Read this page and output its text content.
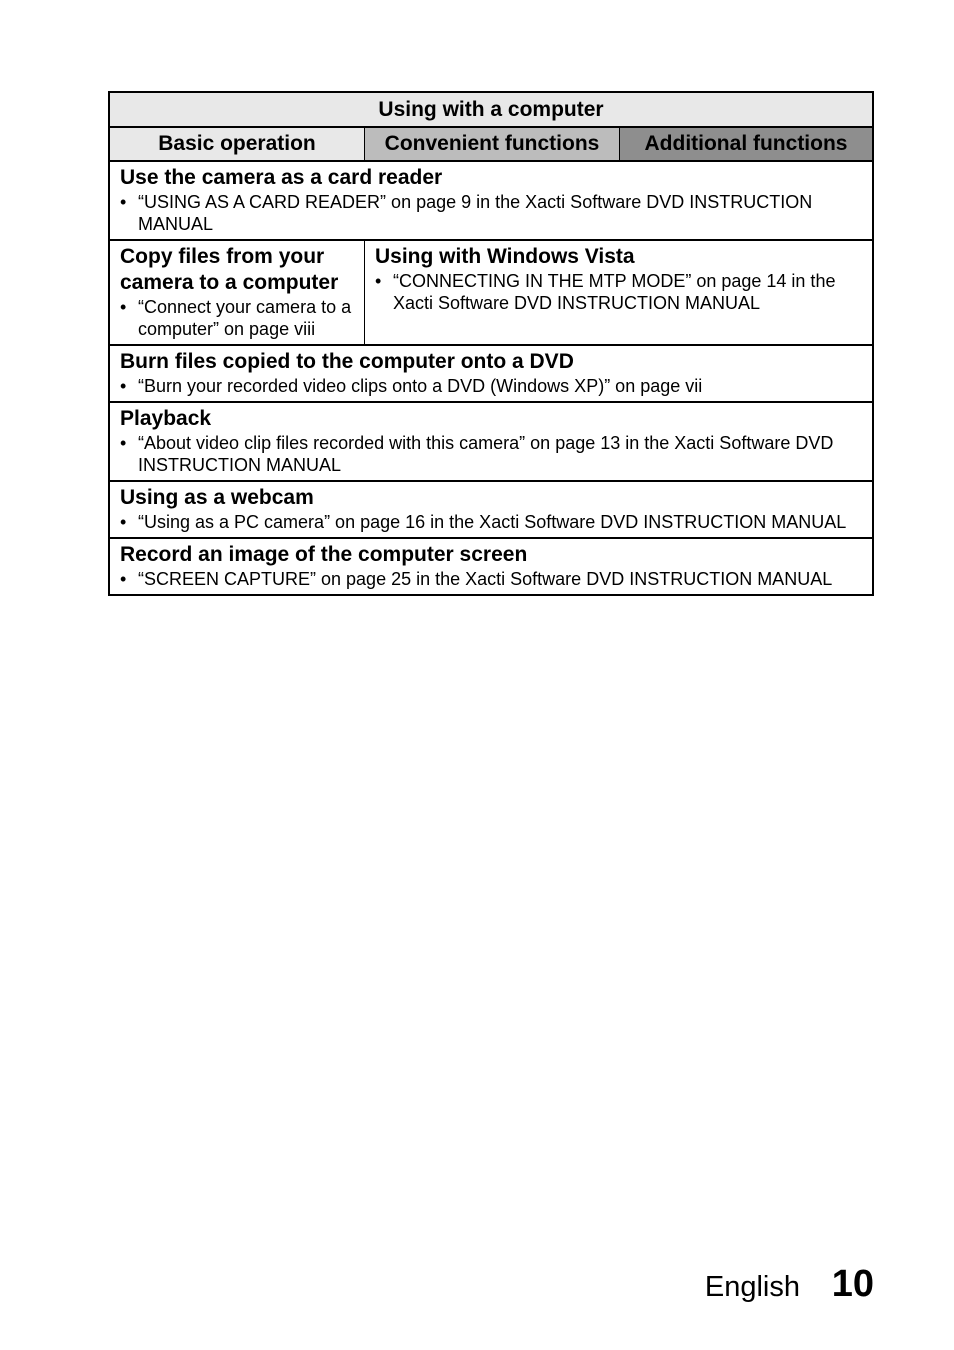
Using with a computer
Basic operation	Convenient functions	Additional functions
Use the camera as a card reader
• “USING AS A CARD READER” on page 9 in the Xacti Software DVD INSTRUCTION MANUAL
Copy files from your camera to a computer
• “Connect your camera to a computer” on page viii
Using with Windows Vista
• “CONNECTING IN THE MTP MODE” on page 14 in the Xacti Software DVD INSTRUCTION MANUAL
Burn files copied to the computer onto a DVD
• “Burn your recorded video clips onto a DVD (Windows XP)” on page vii
Playback
• “About video clip files recorded with this camera” on page 13 in the Xacti Software DVD INSTRUCTION MANUAL
Using as a webcam
• “Using as a PC camera” on page 16 in the Xacti Software DVD INSTRUCTION MANUAL
Record an image of the computer screen
• “SCREEN CAPTURE” on page 25 in the Xacti Software DVD INSTRUCTION MANUAL
English 10
